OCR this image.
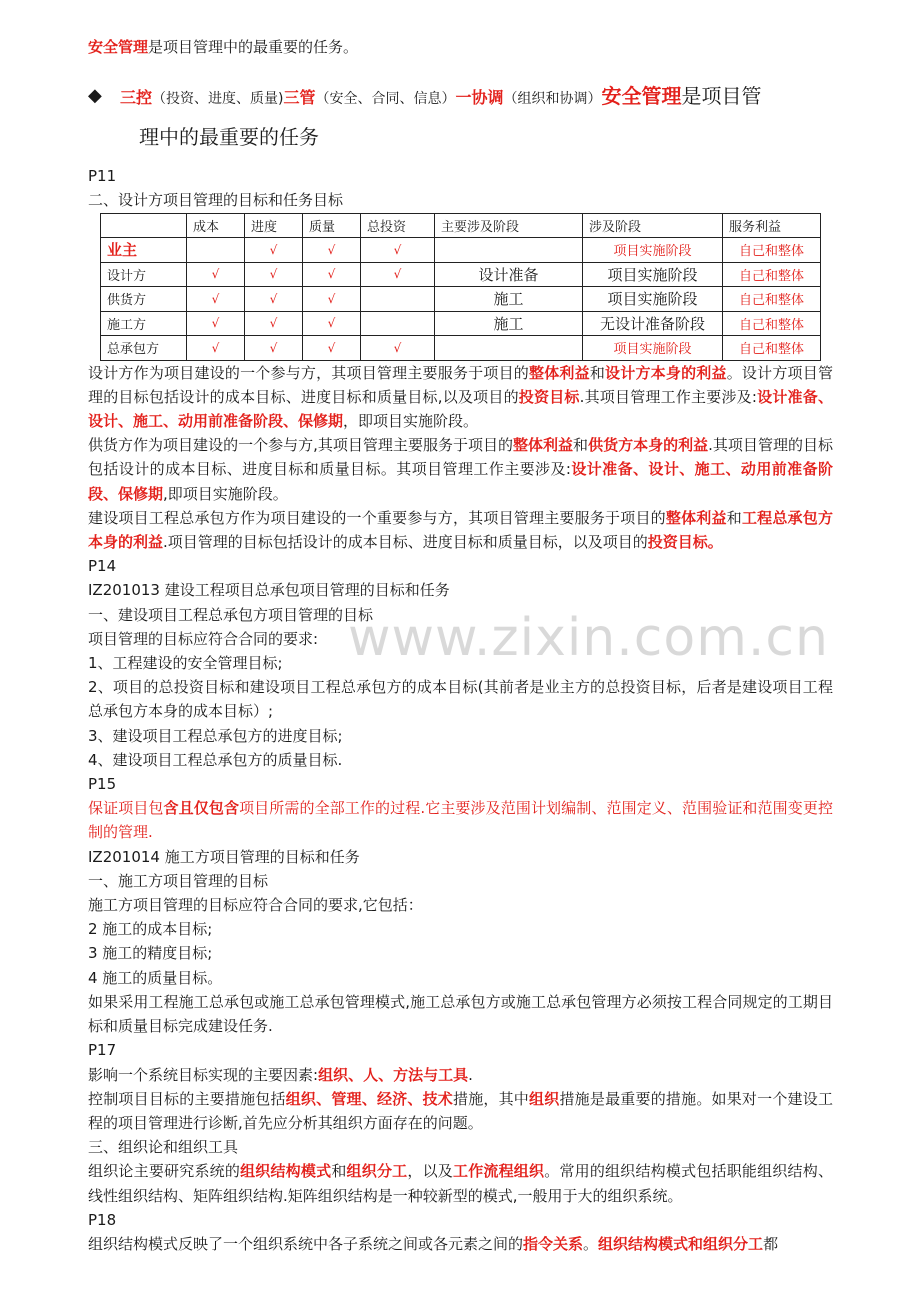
安全管理是项目管理中的最重要的任务。
◆	三控（投资、进度、质量)三管（安全、合同、信息）一协调（组织和协调）安全管理是项目管
理中的最重要的任务
P11
二、设计方项目管理的目标和任务目标
	成本	进度	质量	总投资	主要涉及阶段	涉及阶段	服务利益
业主		√	√	√		项目实施阶段	自己和整体
设计方	√	√	√	√	设计准备	项目实施阶段	自己和整体
供货方	√	√	√		施工	项目实施阶段	自己和整体
施工方	√	√	√		施工	无设计准备阶段	自己和整体
总承包方	√	√	√	√		项目实施阶段	自己和整体
设计方作为项目建设的一个参与方，其项目管理主要服务于项目的整体利益和设计方本身的利益。设计方项目管理的目标包括设计的成本目标、进度目标和质量目标,以及项目的投资目标.其项目管理工作主要涉及:设计准备、设计、施工、动用前准备阶段、保修期，即项目实施阶段。
供货方作为项目建设的一个参与方,其项目管理主要服务于项目的整体利益和供货方本身的利益.其项目管理的目标包括设计的成本目标、进度目标和质量目标。其项目管理工作主要涉及:设计准备、设计、施工、动用前准备阶段、保修期,即项目实施阶段。
建设项目工程总承包方作为项目建设的一个重要参与方，其项目管理主要服务于项目的整体利益和工程总承包方本身的利益.项目管理的目标包括设计的成本目标、进度目标和质量目标，以及项目的投资目标。
P14
IZ201013 建设工程项目总承包项目管理的目标和任务
一、建设项目工程总承包方项目管理的目标
项目管理的目标应符合合同的要求:
1、工程建设的安全管理目标;
2、项目的总投资目标和建设项目工程总承包方的成本目标(其前者是业主方的总投资目标，后者是建设项目工程总承包方本身的成本目标）;
3、建设项目工程总承包方的进度目标;
4、建设项目工程总承包方的质量目标.
P15
保证项目包含且仅包含项目所需的全部工作的过程.它主要涉及范围计划编制、范围定义、范围验证和范围变更控制的管理.
IZ201014 施工方项目管理的目标和任务
一、施工方项目管理的目标
施工方项目管理的目标应符合合同的要求,它包括：
2 施工的成本目标;
3 施工的精度目标;
4 施工的质量目标。
如果采用工程施工总承包或施工总承包管理模式,施工总承包方或施工总承包管理方必须按工程合同规定的工期目标和质量目标完成建设任务.
P17
影响一个系统目标实现的主要因素:组织、人、方法与工具.
控制项目目标的主要措施包括组织、管理、经济、技术措施，其中组织措施是最重要的措施。如果对一个建设工程的项目管理进行诊断,首先应分析其组织方面存在的问题。
三、组织论和组织工具
组织论主要研究系统的组织结构模式和组织分工，以及工作流程组织。常用的组织结构模式包括职能组织结构、线性组织结构、矩阵组织结构.矩阵组织结构是一种较新型的模式,一般用于大的组织系统。
P18
组织结构模式反映了一个组织系统中各子系统之间或各元素之间的指令关系。组织结构模式和组织分工都
www.zixin.com.cn
